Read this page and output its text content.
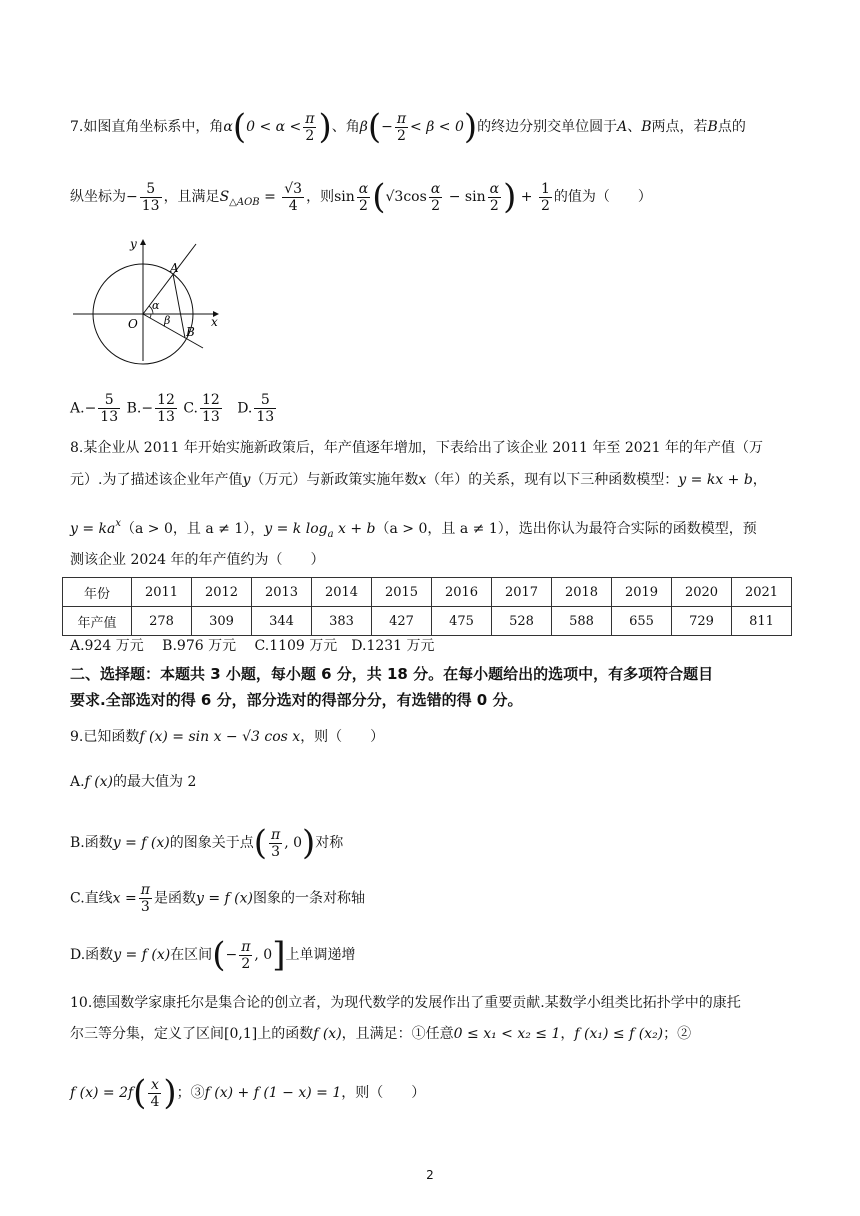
7.如图直角坐标系中，角$\alpha(0 < \alpha < \frac{\pi}{2}$ )、角$\beta(- \frac{\pi}{2} < \beta < 0)$的终边分别交单位圆于A、B两点，若B点的
纵坐标为− $\frac{5}{13}$ ，且满足$S_{\triangle AOB} = \frac{√3}{4}$ ，则$\sin \frac{\alpha}{2} (√3\cos \frac{\alpha}{2} - \sin \frac{\alpha}{2}$ ) + $\frac{1}{2}$ 的值为（　　）
y
x
O
A
B
α
β
$A.- \frac{5}{13} B.- \frac{12}{13} C$. $\frac{12}{13} D$. $\frac{5}{13}$
8.某企业从 2011 年开始实施新政策后，年产值逐年增加，下表给出了该企业 2011 年至 2021 年的年产值（万
元）.为了描述该企业年产值y（万元）与新政策实施年数x（年）的关系，现有以下三种函数模型：y = kx + b，
$y = ka^x(a > 0$，且 a ≠ 1），y = k $\log_a x + b(a > 0$，且 a ≠ 1），选出你认为最符合实际的函数模型，预
测该企业 2024 年的年产值约为（　　）
年份	2011	2012	2013	2014	2015	2016	2017	2018	2019	2020	2021
年产值	278	309	344	383	427	475	528	588	655	729	811
A.924 万元　 B.976 万元　 C.1109 万元　D.1231 万元
二、选择题：本题共 3 小题，每小题 6 分，共 18 分。在每小题给出的选项中，有多项符合题目
要求.全部选对的得 6 分，部分选对的得部分分，有选错的得 0 分。
9.已知函数f (x) = sin x − √3 cos x，则（　　）
A.f (x)的最大值为 2
B.函数y = f (x)的图象关于点( $\frac{\pi}{3}$ , 0)对称
C.直线$x = \frac{\pi}{3}$ 是函数y = f (x)图象的一条对称轴
D.函数y = f (x)在区间(− $\frac{\pi}{2}$ , 0]上单调递增
10.德国数学家康托尔是集合论的创立者，为现代数学的发展作出了重要贡献.某数学小组类比拓扑学中的康托
尔三等分集，定义了区间[0,1]上的函数f (x)，且满足：①任意0 ≤ x₁ < x₂ ≤ 1，f (x₁) ≤ f (x₂)；②
f $(x) = 2f( \frac{x}{4}$ )；③f (x) + f (1 − x) = 1，则（　　）
2
